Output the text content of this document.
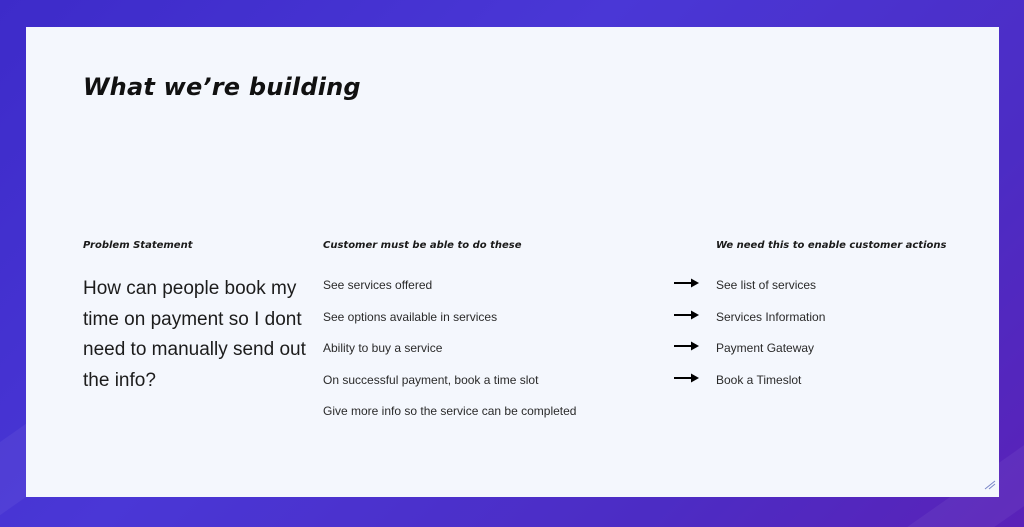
What we’re building
Problem Statement

How can people book my time on payment so I dont need to manually send out the info?

Customer must be able to do these
See services offered
See options available in services
Ability to buy a service
On successful payment, book a time slot
Give more info so the service can be completed
We need this to enable customer actions
See list of services
Services Information
Payment Gateway
Book a Timeslot
